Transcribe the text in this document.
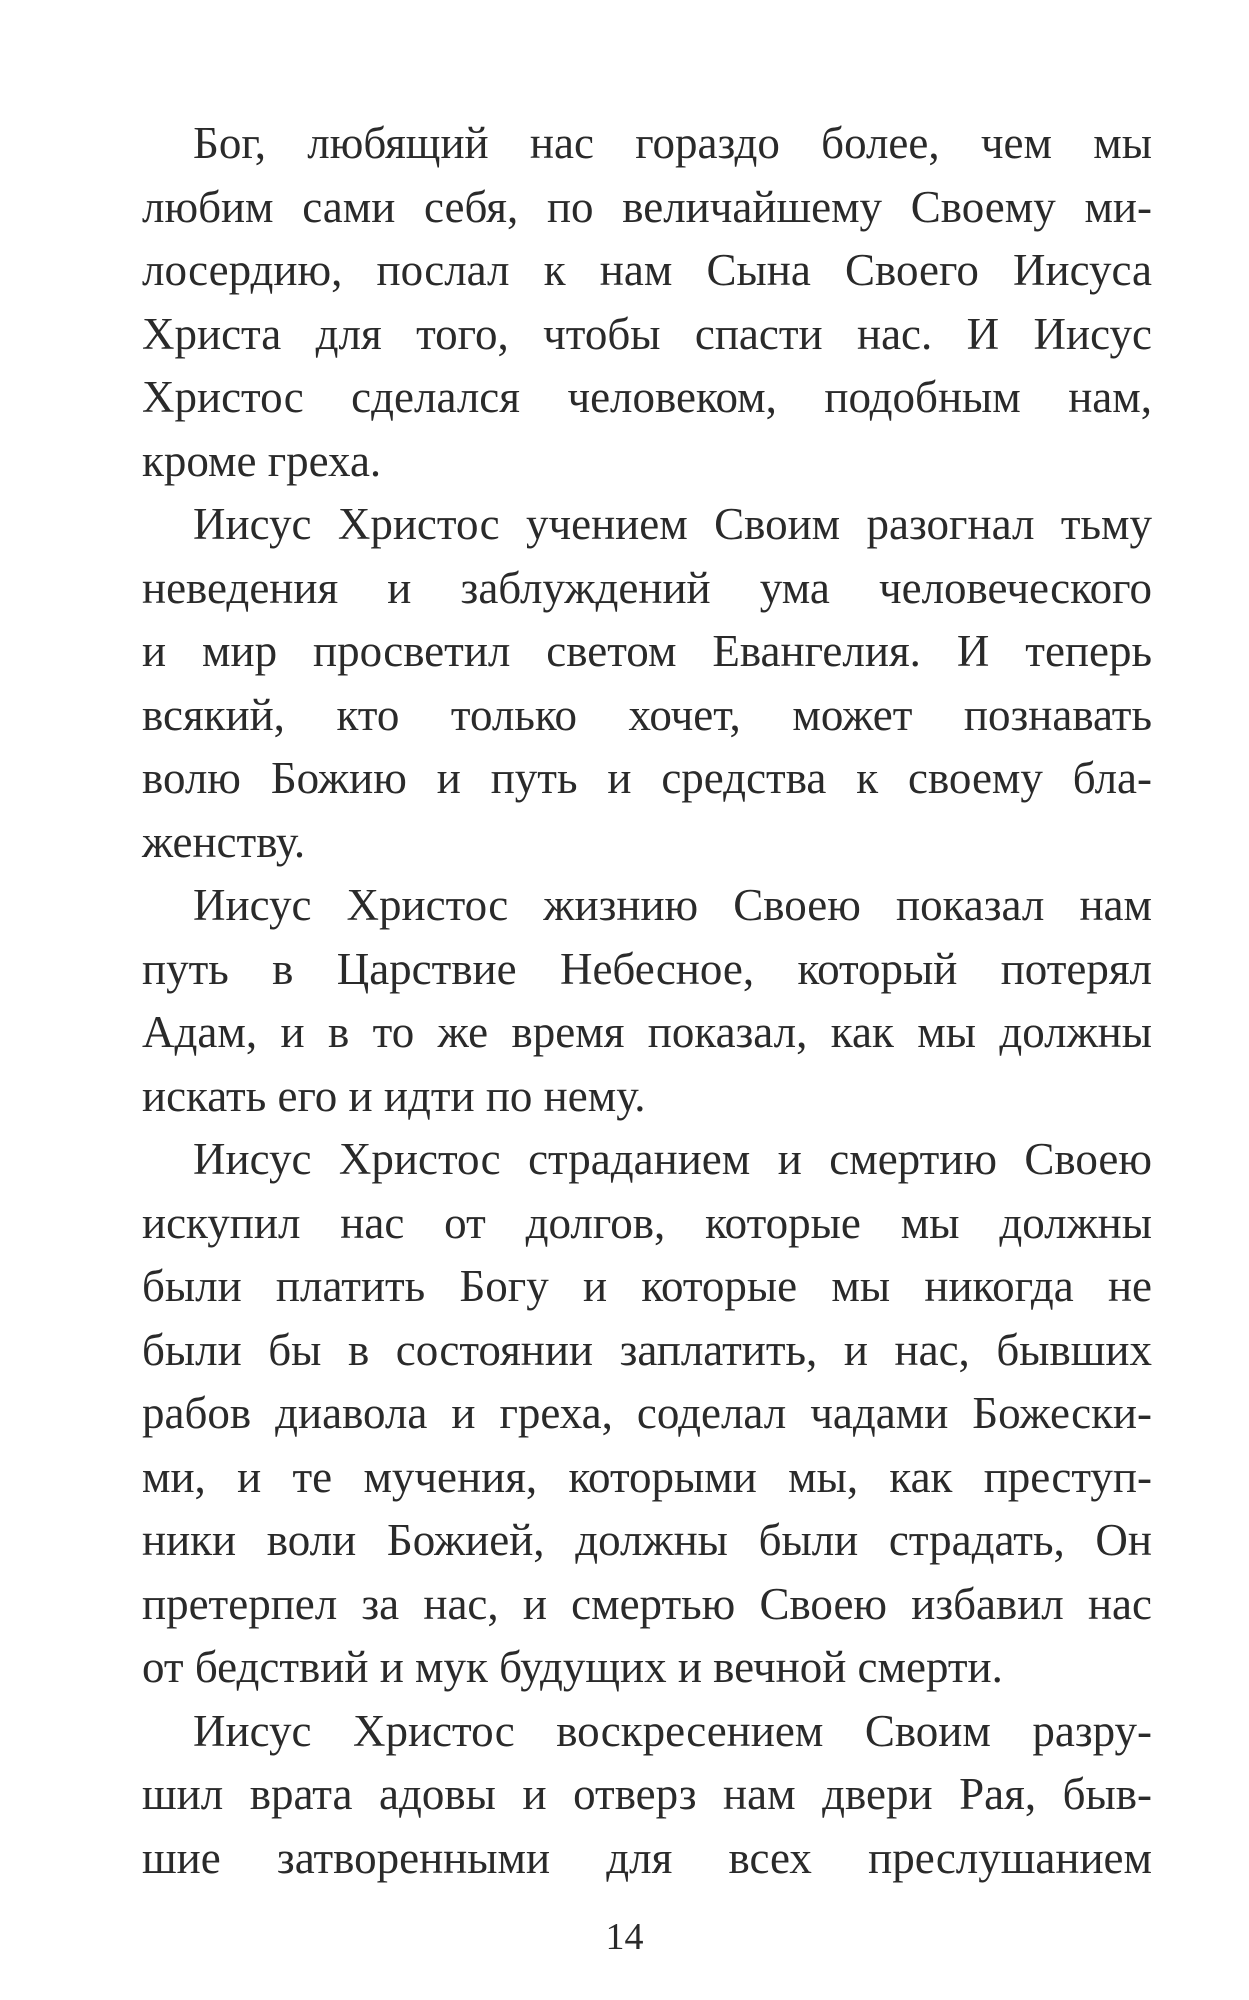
Бог, любящий нас гораздо более, чем мы
любим сами себя, по величайшему Своему ми-
лосердию, послал к нам Сына Своего Иисуса
Христа для того, чтобы спасти нас. И Иисус
Христос сделался человеком, подобным нам,
кроме греха.
Иисус Христос учением Своим разогнал тьму
неведения и заблуждений ума человеческого
и мир просветил светом Евангелия. И теперь
всякий, кто только хочет, может познавать
волю Божию и путь и средства к своему бла-
женству.
Иисус Христос жизнию Своею показал нам
путь в Царствие Небесное, который потерял
Адам, и в то же время показал, как мы должны
искать его и идти по нему.
Иисус Христос страданием и смертию Своею
искупил нас от долгов, которые мы должны
были платить Богу и которые мы никогда не
были бы в состоянии заплатить, и нас, бывших
рабов диавола и греха, соделал чадами Божески-
ми, и те мучения, которыми мы, как преступ-
ники воли Божией, должны были страдать, Он
претерпел за нас, и смертью Своею избавил нас
от бедствий и мук будущих и вечной смерти.
Иисус Христос воскресением Своим разру-
шил врата адовы и отверз нам двери Рая, быв-
шие затворенными для всех преслушанием
14
